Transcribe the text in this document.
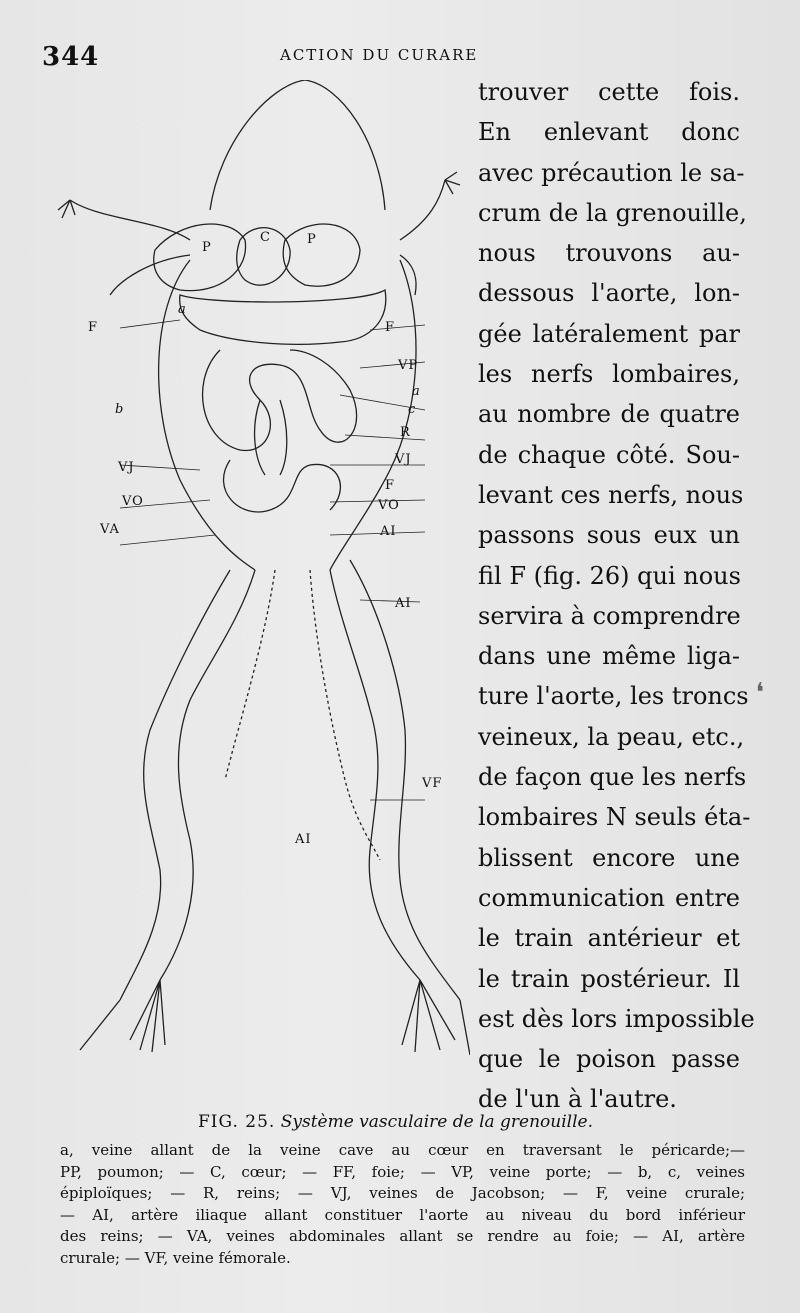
344	ACTION DU CURARE
P
C	P
a
F	F
VP
b
a
c
R
VJ
VJ
F
VO	VO
VA	AI
AI
VF
AI
trouver cette fois.
En enlevant donc
avec précaution le sa-
crum de la grenouille,
nous trouvons au-
dessous l'aorte, lon-
gée latéralement par
les nerfs lombaires,
au nombre de quatre
de chaque côté. Sou-
levant ces nerfs, nous
passons sous eux un
fil F (fig. 26) qui nous
servira à comprendre
dans une même liga-
ture l'aorte, les troncs
veineux, la peau, etc.,
de façon que les nerfs
lombaires N seuls éta-
blissent encore une
communication entre
le train antérieur et
le train postérieur. Il
est dès lors impossible
que le poison passe
de l'un à l'autre.
❛
FIG. 25. Système vasculaire de la grenouille.
a, veine allant de la veine cave au cœur en traversant le péricarde;—
PP, poumon; — C, cœur; — FF, foie; — VP, veine porte; — b, c, veines
épiploïques; — R, reins; — VJ, veines de Jacobson; — F, veine crurale;
— AI, artère iliaque allant constituer l'aorte au niveau du bord inférieur
des reins; — VA, veines abdominales allant se rendre au foie; — AI, artère
crurale; — VF, veine fémorale.
